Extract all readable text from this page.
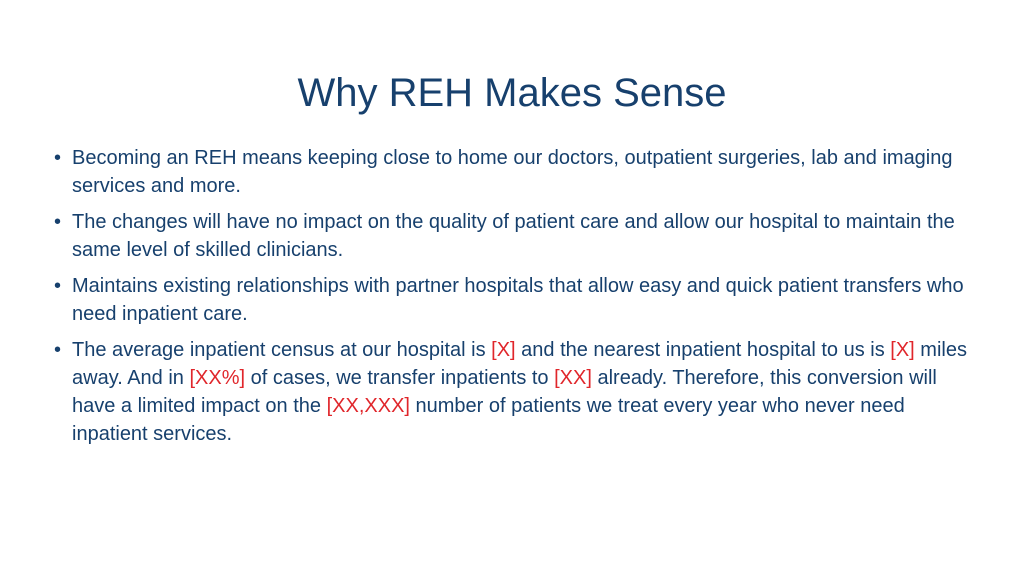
Why REH Makes Sense
• Becoming an REH means keeping close to home our doctors, outpatient surgeries, lab and imaging services and more.
• The changes will have no impact on the quality of patient care and allow our hospital to maintain the same level of skilled clinicians.
• Maintains existing relationships with partner hospitals that allow easy and quick patient transfers who need inpatient care.
• The average inpatient census at our hospital is [X] and the nearest inpatient hospital to us is [X] miles away. And in [XX%] of cases, we transfer inpatients to [XX] already. Therefore, this conversion will have a limited impact on the [XX,XXX] number of patients we treat every year who never need inpatient services.
